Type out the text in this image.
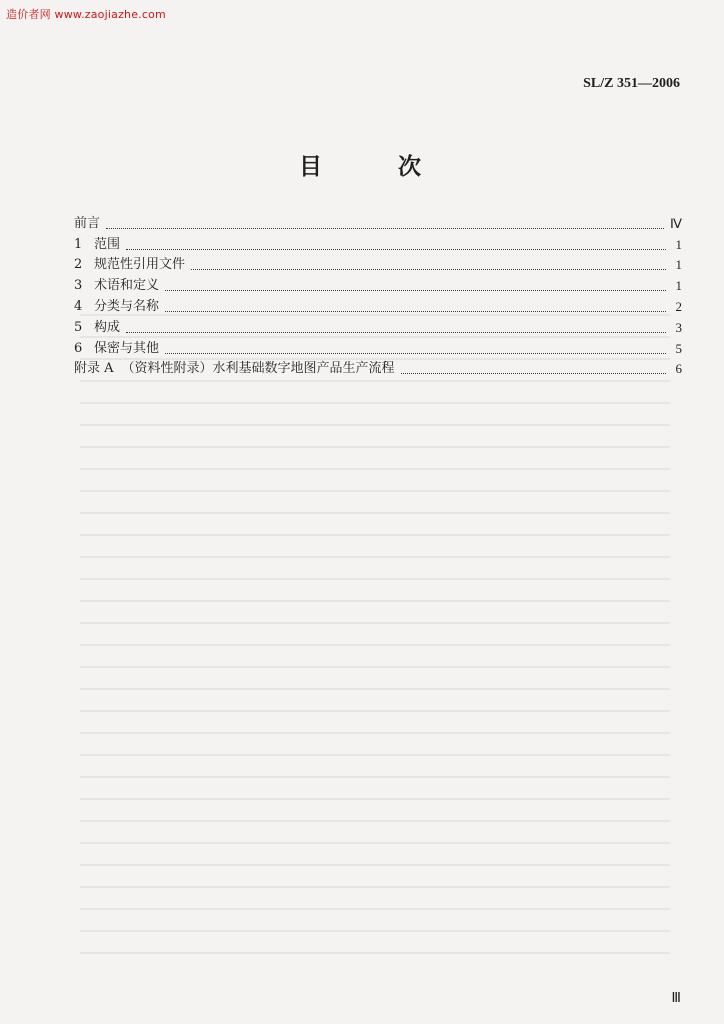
造价者网 www.zaojiazhe.com
SL/Z 351—2006
目 次
前言	Ⅳ
1 范围	1
2 规范性引用文件	1
3 术语和定义	1
4 分类与名称	2
5 构成	3
6 保密与其他	5
附录 A （资料性附录）水利基础数字地图产品生产流程	6
Ⅲ
